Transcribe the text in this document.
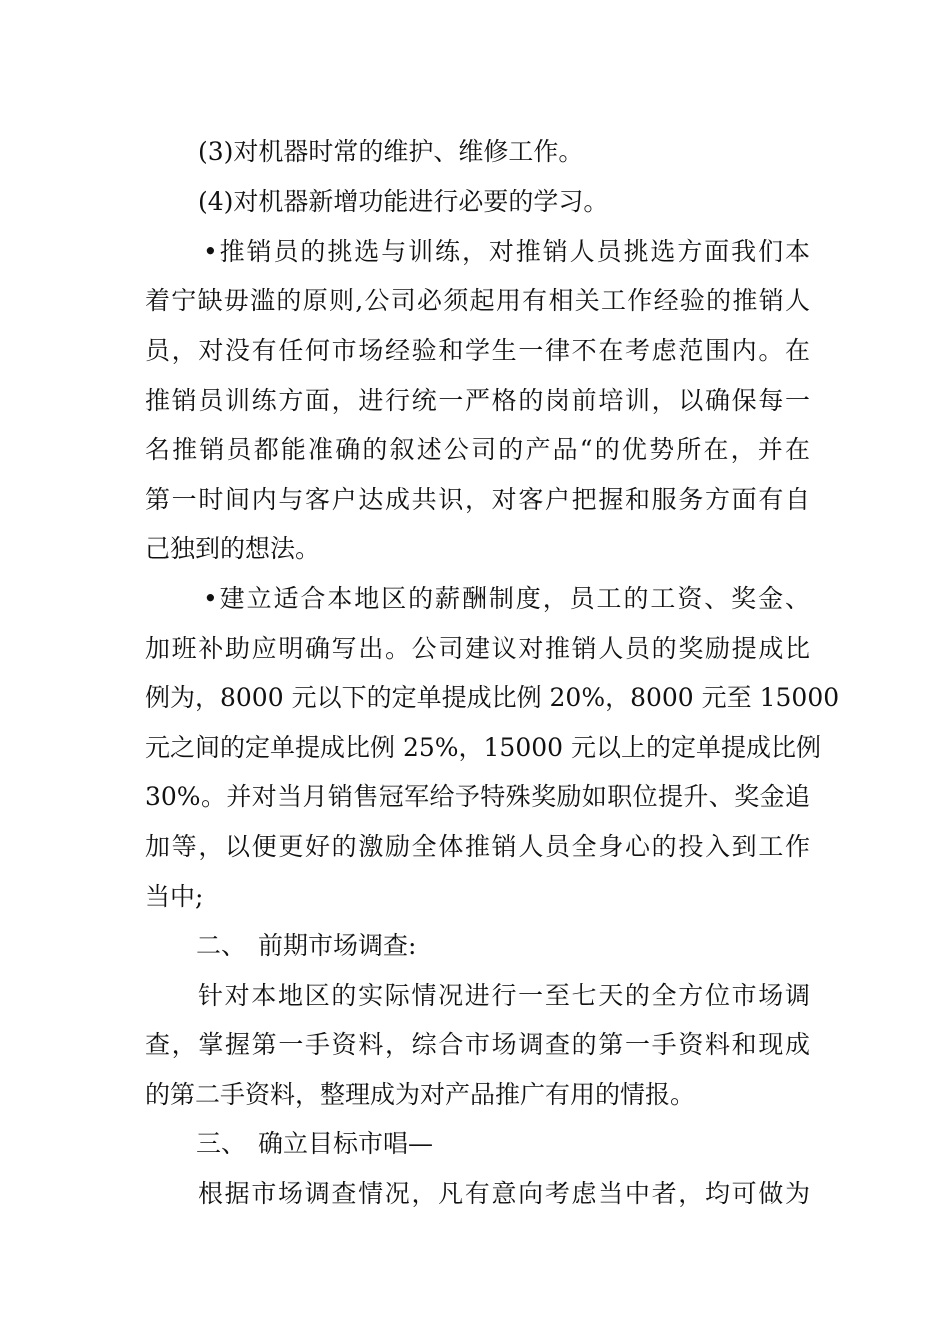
(3)对机器时常的维护、维修工作。
(4)对机器新增功能进行必要的学习。
•推销员的挑选与训练，对推销人员挑选方面我们本
着宁缺毋滥的原则,公司必须起用有相关工作经验的推销人
员，对没有任何市场经验和学生一律不在考虑范围内。在
推销员训练方面，进行统一严格的岗前培训，以确保每一
名推销员都能准确的叙述公司的产品“的优势所在，并在
第一时间内与客户达成共识，对客户把握和服务方面有自
己独到的想法。
•建立适合本地区的薪酬制度，员工的工资、奖金、
加班补助应明确写出。公司建议对推销人员的奖励提成比
例为，8000 元以下的定单提成比例 20%，8000 元至 15000
元之间的定单提成比例 25%，15000 元以上的定单提成比例
30%。并对当月销售冠军给予特殊奖励如职位提升、奖金追
加等，以便更好的激励全体推销人员全身心的投入到工作
当中;
二、 前期市场调查:
针对本地区的实际情况进行一至七天的全方位市场调
查，掌握第一手资料，综合市场调查的第一手资料和现成
的第二手资料，整理成为对产品推广有用的情报。
三、 确立目标市唱—
根据市场调查情况，凡有意向考虑当中者，均可做为
